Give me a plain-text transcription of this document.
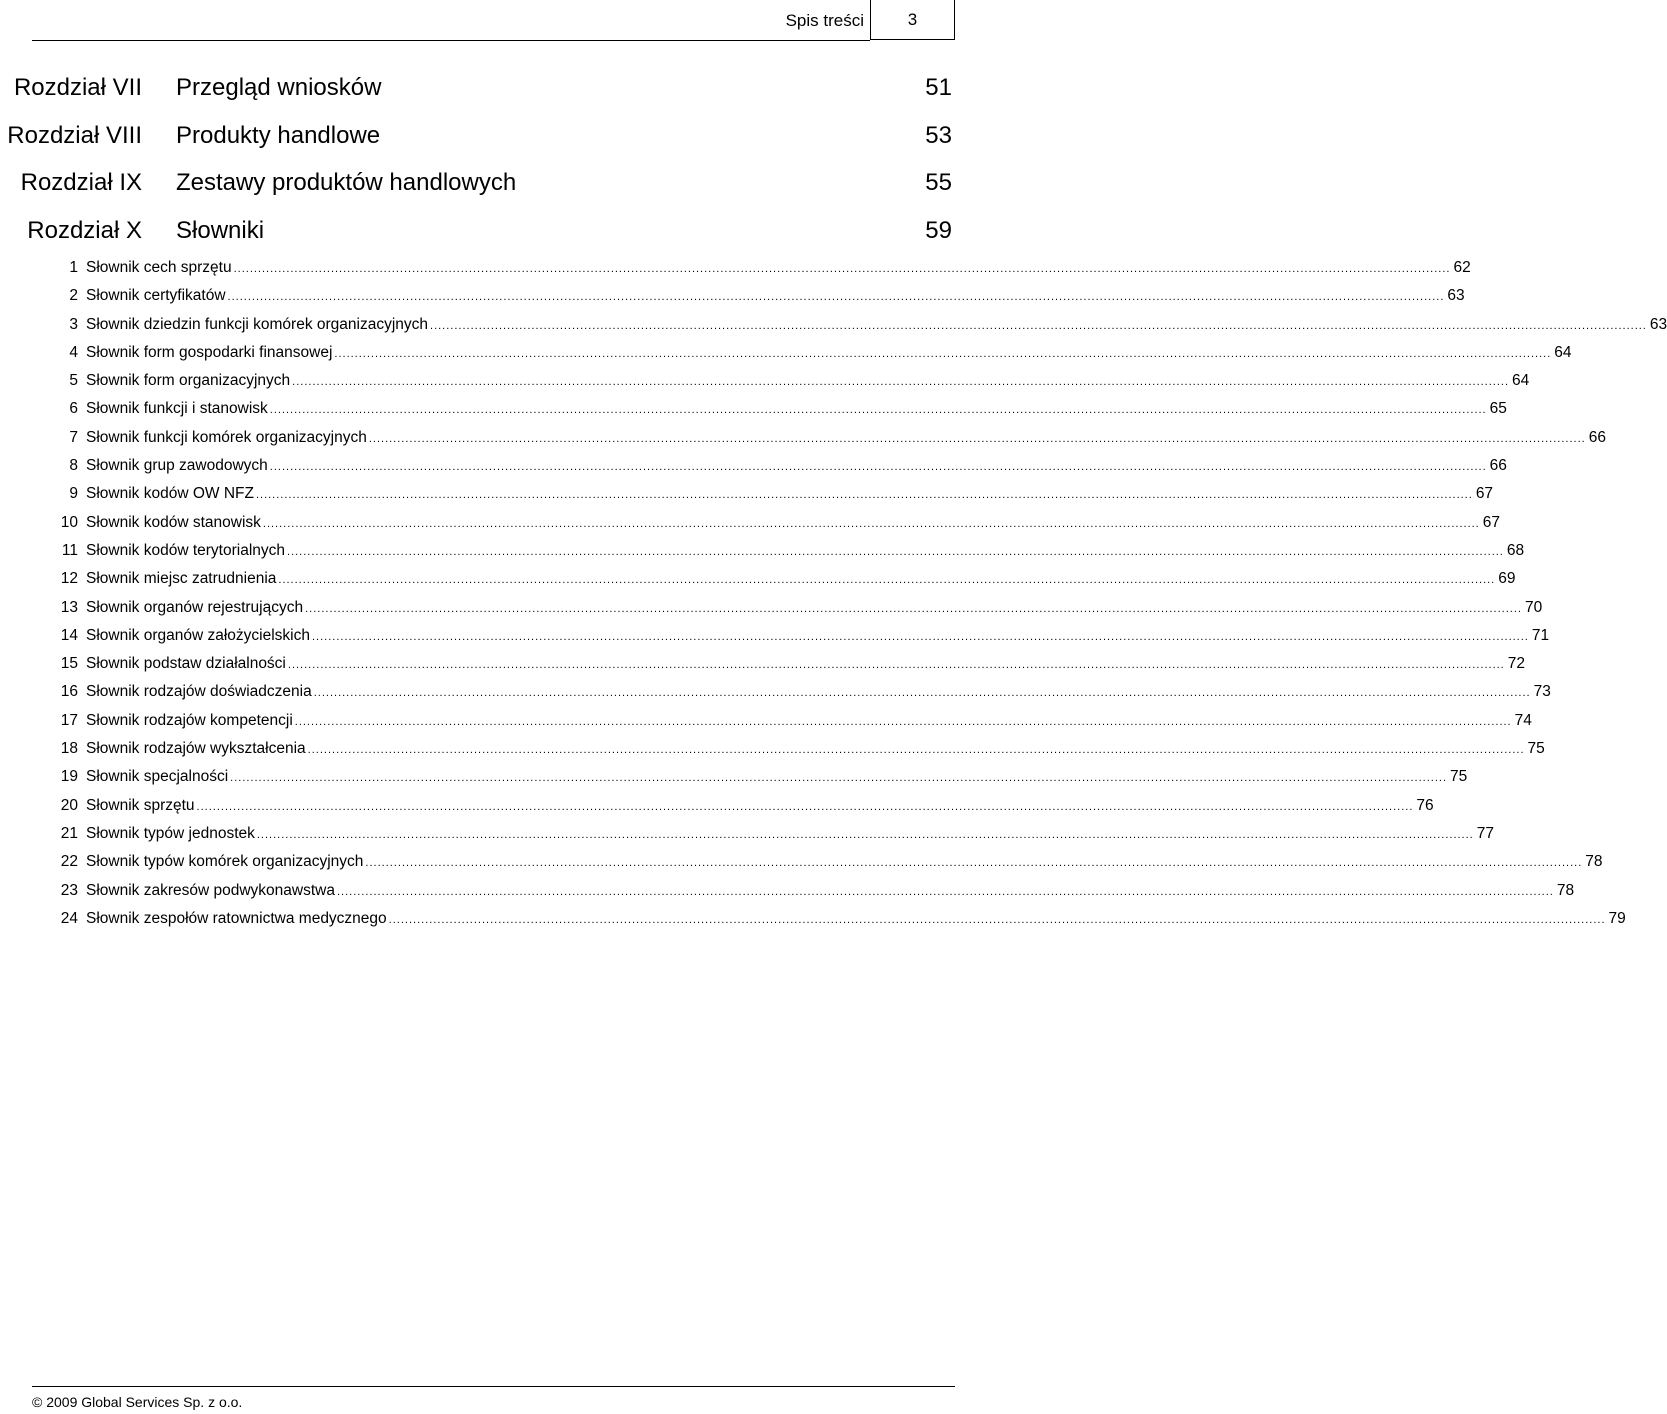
Spis treści	3
Rozdział VII Przegląd wniosków	51
Rozdział VIII Produkty handlowe	53
Rozdział IX Zestawy produktów handlowych	55
Rozdział X Słowniki	59
1 Słownik cech sprzętu ............................................................................................................................................................................................................................................................................................................ 62
2 Słownik certyfikatów ............................................................................................................................................................................................................................................................................................................ 63
3 Słownik dziedzin funkcji komórek organizacyjnych ............................................................................................................................................................................................................................................................................................................ 63
4 Słownik form gospodarki finansowej ............................................................................................................................................................................................................................................................................................................ 64
5 Słownik form organizacyjnych ............................................................................................................................................................................................................................................................................................................ 64
6 Słownik funkcji i stanowisk ............................................................................................................................................................................................................................................................................................................ 65
7 Słownik funkcji komórek organizacyjnych ............................................................................................................................................................................................................................................................................................................ 66
8 Słownik grup zawodowych ............................................................................................................................................................................................................................................................................................................ 66
9 Słownik kodów OW NFZ ............................................................................................................................................................................................................................................................................................................ 67
10 Słownik kodów stanowisk ............................................................................................................................................................................................................................................................................................................ 67
11 Słownik kodów terytorialnych ............................................................................................................................................................................................................................................................................................................ 68
12 Słownik miejsc zatrudnienia ............................................................................................................................................................................................................................................................................................................ 69
13 Słownik organów rejestrujących ............................................................................................................................................................................................................................................................................................................ 70
14 Słownik organów założycielskich ............................................................................................................................................................................................................................................................................................................ 71
15 Słownik podstaw działalności ............................................................................................................................................................................................................................................................................................................ 72
16 Słownik rodzajów doświadczenia ............................................................................................................................................................................................................................................................................................................ 73
17 Słownik rodzajów kompetencji ............................................................................................................................................................................................................................................................................................................ 74
18 Słownik rodzajów wykształcenia ............................................................................................................................................................................................................................................................................................................ 75
19 Słownik specjalności ............................................................................................................................................................................................................................................................................................................ 75
20 Słownik sprzętu ............................................................................................................................................................................................................................................................................................................ 76
21 Słownik typów jednostek ............................................................................................................................................................................................................................................................................................................ 77
22 Słownik typów komórek organizacyjnych ............................................................................................................................................................................................................................................................................................................ 78
23 Słownik zakresów podwykonawstwa ............................................................................................................................................................................................................................................................................................................ 78
24 Słownik zespołów ratownictwa medycznego ............................................................................................................................................................................................................................................................................................................ 79
© 2009 Global Services Sp. z o.o.
